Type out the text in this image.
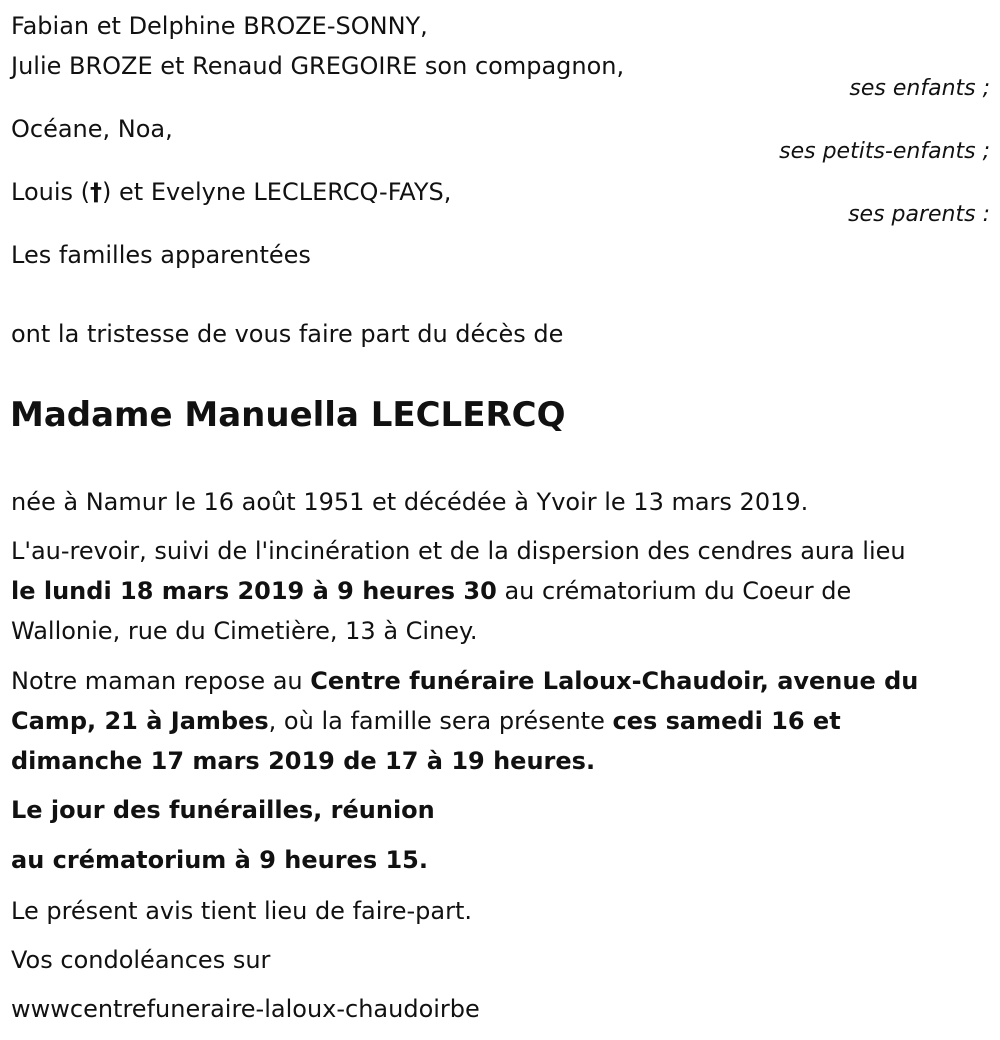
Fabian et Delphine BROZE-SONNY,
Julie BROZE et Renaud GREGOIRE son compagnon,
ses enfants ;
Océane, Noa,
ses petits-enfants ;
Louis (†) et Evelyne LECLERCQ-FAYS,
ses parents :
Les familles apparentées
ont la tristesse de vous faire part du décès de
Madame Manuella LECLERCQ
née à Namur le 16 août 1951 et décédée à Yvoir le 13 mars 2019.
L'au-revoir, suivi de l'incinération et de la dispersion des cendres aura lieu
le lundi 18 mars 2019 à 9 heures 30 au crématorium du Coeur de
Wallonie, rue du Cimetière, 13 à Ciney.
Notre maman repose au Centre funéraire Laloux-Chaudoir, avenue du
Camp, 21 à Jambes, où la famille sera présente ces samedi 16 et
dimanche 17 mars 2019 de 17 à 19 heures.
Le jour des funérailles, réunion
au crématorium à 9 heures 15.
Le présent avis tient lieu de faire-part.
Vos condoléances sur
wwwcentrefuneraire-laloux-chaudoirbe
